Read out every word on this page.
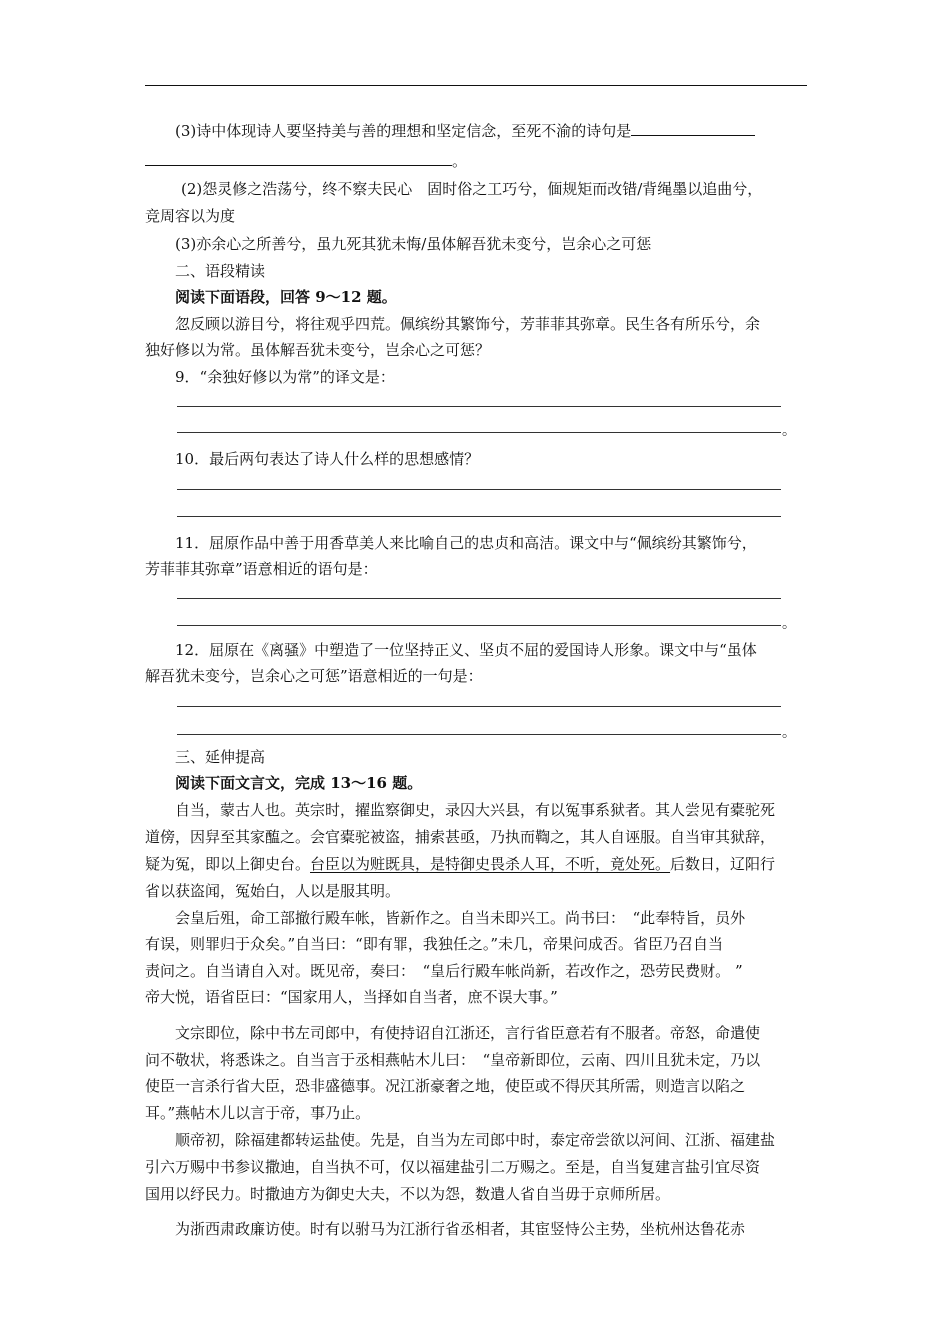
(3)诗中体现诗人要坚持美与善的理想和坚定信念，至死不渝的诗句是
。
(2)怨灵修之浩荡兮，终不察夫民心　固时俗之工巧兮，偭规矩而改错/背绳墨以追曲兮，
竞周容以为度
(3)亦余心之所善兮，虽九死其犹未悔/虽体解吾犹未变兮，岂余心之可惩
二、语段精读
阅读下面语段，回答 9～12 题。
忽反顾以游目兮，将往观乎四荒。佩缤纷其繁饰兮，芳菲菲其弥章。民生各有所乐兮，余
独好修以为常。虽体解吾犹未变兮，岂余心之可惩？
9．“余独好修以为常”的译文是：
。
10．最后两句表达了诗人什么样的思想感情？
11．屈原作品中善于用香草美人来比喻自己的忠贞和高洁。课文中与“佩缤纷其繁饰兮，
芳菲菲其弥章”语意相近的语句是：
。
12．屈原在《离骚》中塑造了一位坚持正义、坚贞不屈的爱国诗人形象。课文中与“虽体
解吾犹未变兮，岂余心之可惩”语意相近的一句是：
。
三、延伸提高
阅读下面文言文，完成 13～16 题。
自当，蒙古人也。英宗时，擢监察御史，录囚大兴县，有以冤事系狱者。其人尝见有橐驼死
道傍，因舁至其家醢之。会官橐驼被盗，捕索甚亟，乃执而鞫之，其人自诬服。自当审其狱辞，
疑为冤，即以上御史台。台臣以为赃既具，是特御史畏杀人耳，不听，竟处死。后数日，辽阳行
省以获盗闻，冤始白，人以是服其明。
会皇后殂，命工部撤行殿车帐，皆新作之。自当未即兴工。尚书曰：　“此奉特旨，员外
有误，则罪归于众矣。”自当曰：“即有罪，我独任之。”未几，帝果问成否。省臣乃召自当
责问之。自当请自入对。既见帝，奏曰：　“皇后行殿车帐尚新，若改作之，恐劳民费财。 ”
帝大悦，语省臣曰：“国家用人，当择如自当者，庶不误大事。”
文宗即位，除中书左司郎中，有使持诏自江浙还，言行省臣意若有不服者。帝怒，命遣使
问不敬状，将悉诛之。自当言于丞相燕帖木儿曰：　“皇帝新即位，云南、四川且犹未定，乃以
使臣一言杀行省大臣，恐非盛德事。况江浙豪奢之地，使臣或不得厌其所需，则造言以陷之
耳。”燕帖木儿以言于帝，事乃止。
顺帝初，除福建都转运盐使。先是，自当为左司郎中时，泰定帝尝欲以河间、江浙、福建盐
引六万赐中书参议撒迪，自当执不可，仅以福建盐引二万赐之。至是，自当复建言盐引宜尽资
国用以纾民力。时撒迪方为御史大夫，不以为怨，数遣人省自当毋于京师所居。
为浙西肃政廉访使。时有以驸马为江浙行省丞相者，其宦竖恃公主势，坐杭州达鲁花赤
